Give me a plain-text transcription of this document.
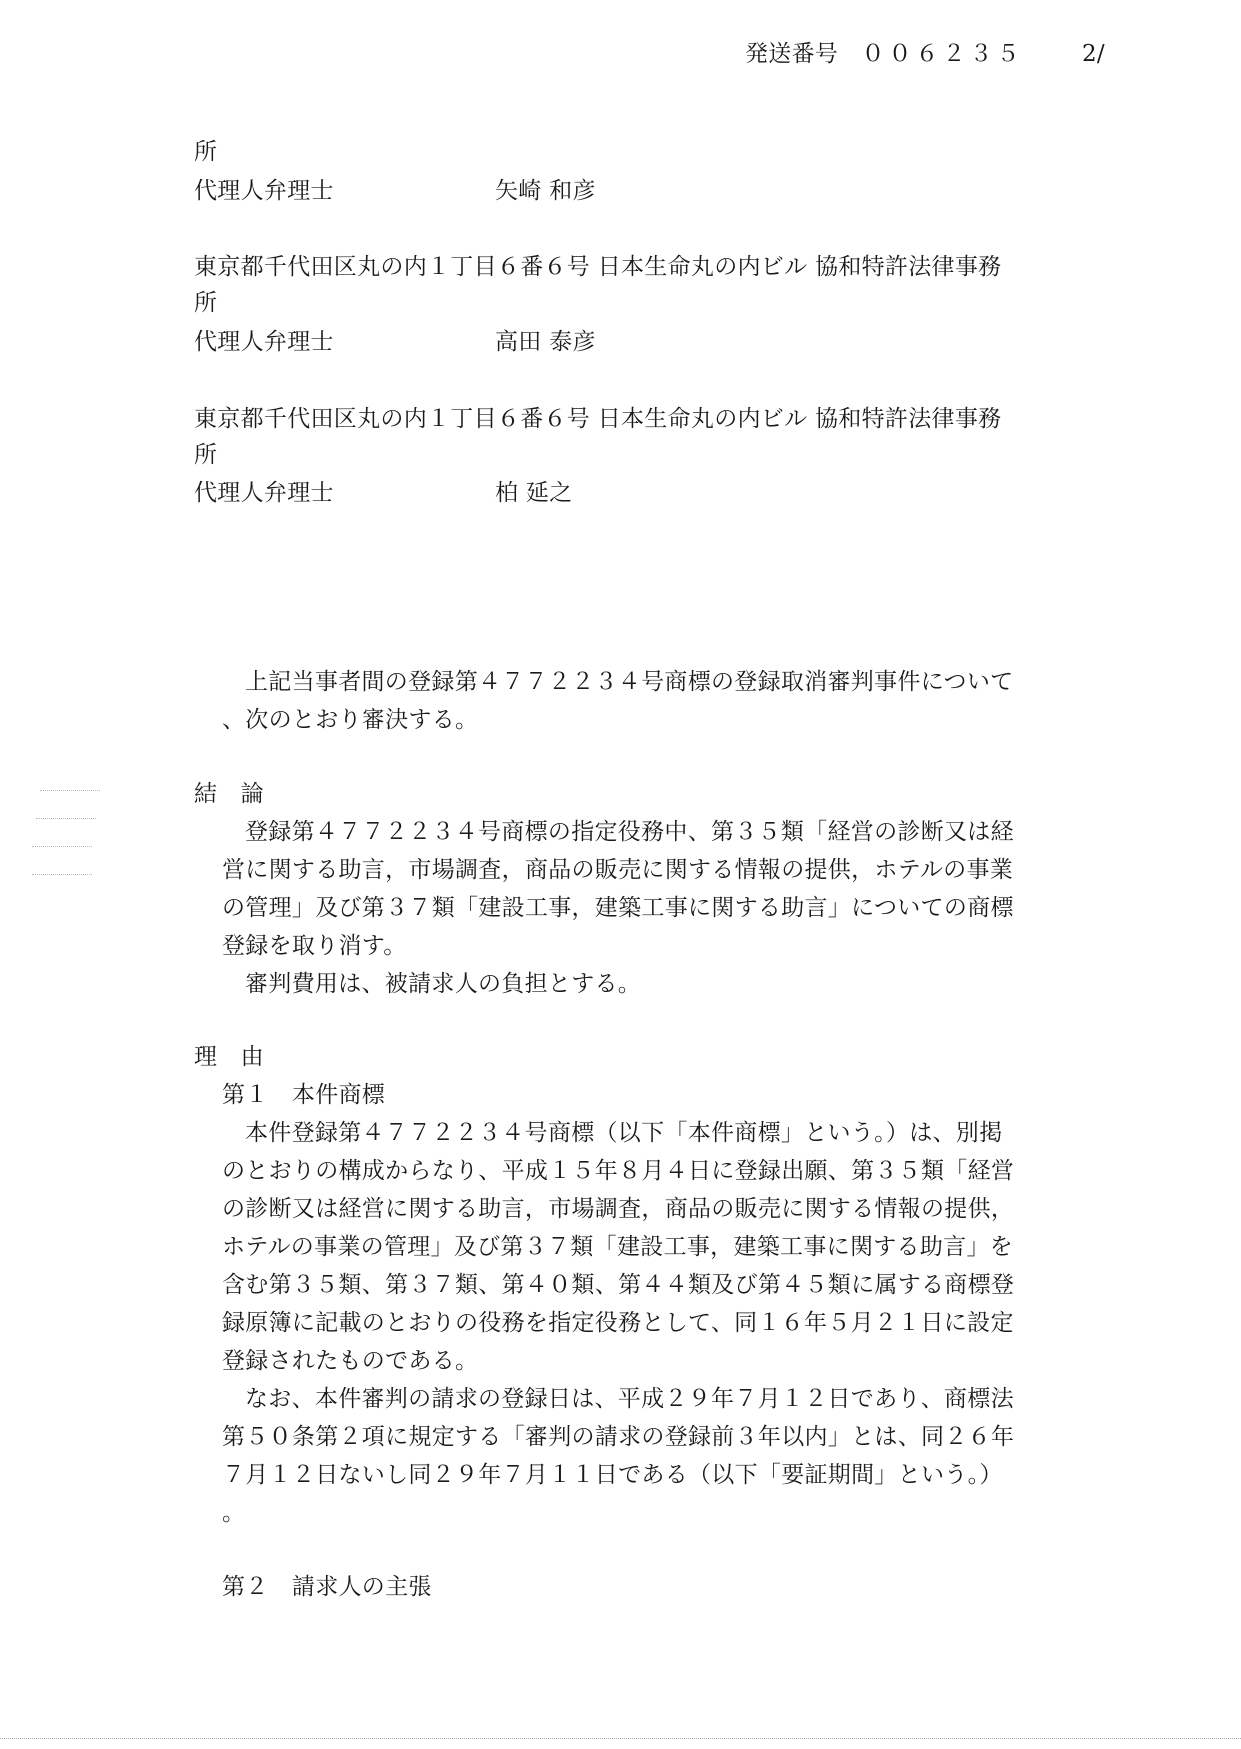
発送番号　 ００６２３５	2/
所
代理人弁理士	矢崎 和彦
東京都千代田区丸の内１丁目６番６号 日本生命丸の内ビル 協和特許法律事務
所
代理人弁理士	高田 泰彦
東京都千代田区丸の内１丁目６番６号 日本生命丸の内ビル 協和特許法律事務
所
代理人弁理士	柏 延之
上記当事者間の登録第４７７２２３４号商標の登録取消審判事件について
、次のとおり審決する。
結　論
登録第４７７２２３４号商標の指定役務中、第３５類「経営の診断又は経
営に関する助言，市場調査，商品の販売に関する情報の提供，ホテルの事業
の管理」及び第３７類「建設工事，建築工事に関する助言」についての商標
登録を取り消す。
審判費用は、被請求人の負担とする。
理　由
第１　本件商標
本件登録第４７７２２３４号商標（以下「本件商標」という。）は、別掲
のとおりの構成からなり、平成１５年８月４日に登録出願、第３５類「経営
の診断又は経営に関する助言，市場調査，商品の販売に関する情報の提供，
ホテルの事業の管理」及び第３７類「建設工事，建築工事に関する助言」を
含む第３５類、第３７類、第４０類、第４４類及び第４５類に属する商標登
録原簿に記載のとおりの役務を指定役務として、同１６年５月２１日に設定
登録されたものである。
なお、本件審判の請求の登録日は、平成２９年７月１２日であり、商標法
第５０条第２項に規定する「審判の請求の登録前３年以内」とは、同２６年
７月１２日ないし同２９年７月１１日である（以下「要証期間」という。）
。
第２　請求人の主張
